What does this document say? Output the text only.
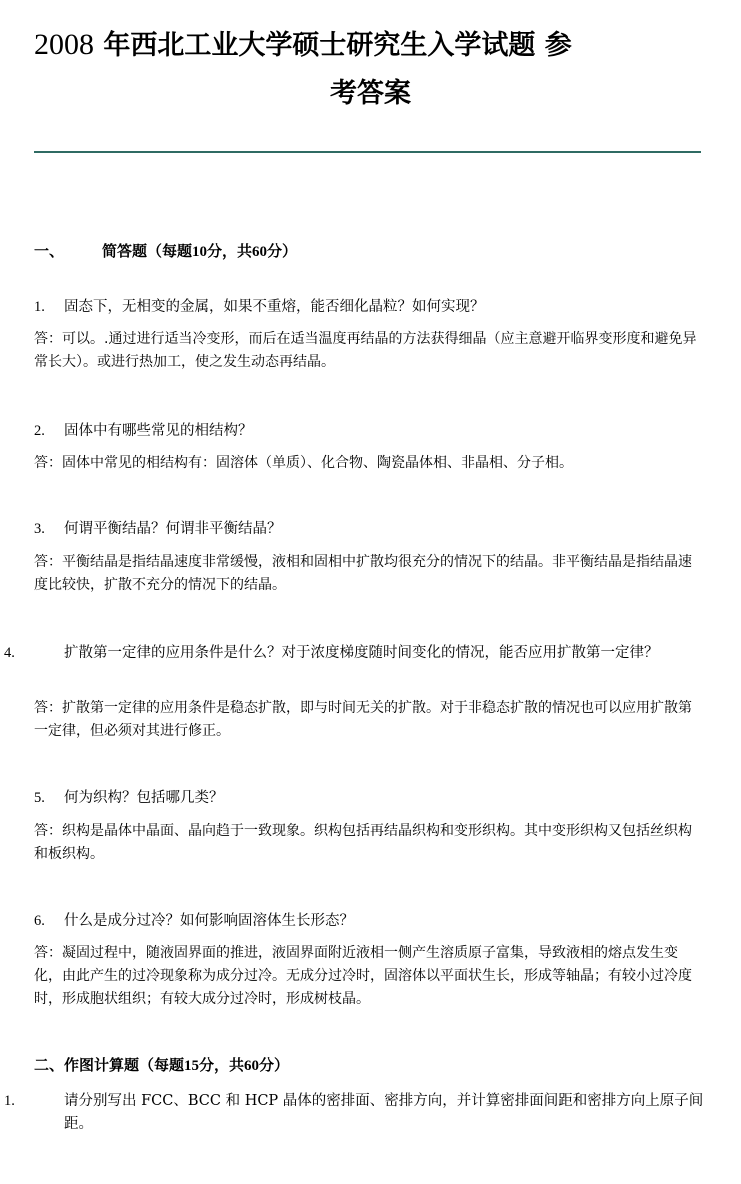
2008 年西北工业大学硕士研究生入学试题 参
考答案
一、	简答题（每题10分，共60分）
1. 固态下，无相变的金属，如果不重熔，能否细化晶粒？如何实现？
答：可以。.通过进行适当冷变形，而后在适当温度再结晶的方法获得细晶（应主意避开临界变形度和避免异常长大）。或进行热加工，使之发生动态再结晶。
2. 固体中有哪些常见的相结构？
答：固体中常见的相结构有：固溶体（单质）、化合物、陶瓷晶体相、非晶相、分子相。
3. 何谓平衡结晶？何谓非平衡结晶？
答：平衡结晶是指结晶速度非常缓慢，液相和固相中扩散均很充分的情况下的结晶。非平衡结晶是指结晶速度比较快，扩散不充分的情况下的结晶。
4.	扩散第一定律的应用条件是什么？对于浓度梯度随时间变化的情况，能否应用扩散第一定律？
答：扩散第一定律的应用条件是稳态扩散，即与时间无关的扩散。对于非稳态扩散的情况也可以应用扩散第一定律，但必须对其进行修正。
5. 何为织构？包括哪几类？
答：织构是晶体中晶面、晶向趋于一致现象。织构包括再结晶织构和变形织构。其中变形织构又包括丝织构和板织构。
6. 什么是成分过冷？如何影响固溶体生长形态？
答：凝固过程中，随液固界面的推进，液固界面附近液相一侧产生溶质原子富集，导致液相的熔点发生变化，由此产生的过冷现象称为成分过冷。无成分过冷时，固溶体以平面状生长，形成等轴晶；有较小过冷度时，形成胞状组织；有较大成分过冷时，形成树枝晶。
二、作图计算题（每题15分，共60分）
1.	请分别写出 FCC、BCC 和 HCP 晶体的密排面、密排方向，并计算密排面间距和密排方向上原子间距。
